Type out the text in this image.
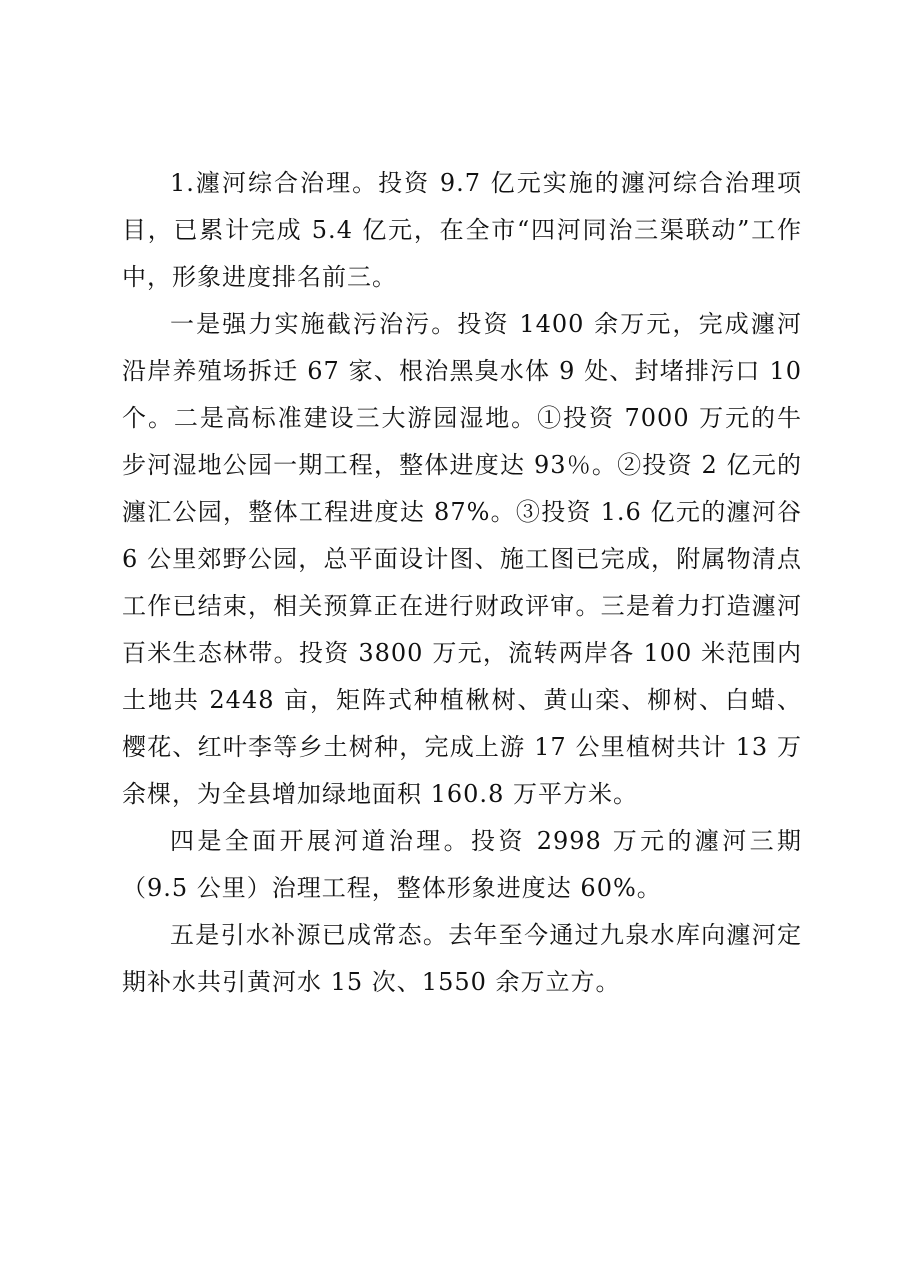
1.瀍河综合治理。投资 9.7 亿元实施的瀍河综合治理项目，已累计完成 5.4 亿元，在全市“四河同治三渠联动”工作中，形象进度排名前三。

一是强力实施截污治污。投资 1400 余万元，完成瀍河沿岸养殖场拆迁 67 家、根治黑臭水体 9 处、封堵排污口 10 个。二是高标准建设三大游园湿地。①投资 7000 万元的牛步河湿地公园一期工程，整体进度达 93％。②投资 2 亿元的瀍汇公园，整体工程进度达 87%。③投资 1.6 亿元的瀍河谷 6 公里郊野公园，总平面设计图、施工图已完成，附属物清点工作已结束，相关预算正在进行财政评审。三是着力打造瀍河百米生态林带。投资 3800 万元，流转两岸各 100 米范围内土地共 2448 亩，矩阵式种植楸树、黄山栾、柳树、白蜡、樱花、红叶李等乡土树种，完成上游 17 公里植树共计 13 万余棵，为全县增加绿地面积 160.8 万平方米。

四是全面开展河道治理。投资 2998 万元的瀍河三期（9.5 公里）治理工程，整体形象进度达 60%。

五是引水补源已成常态。去年至今通过九泉水库向瀍河定期补水共引黄河水 15 次、1550 余万立方。
